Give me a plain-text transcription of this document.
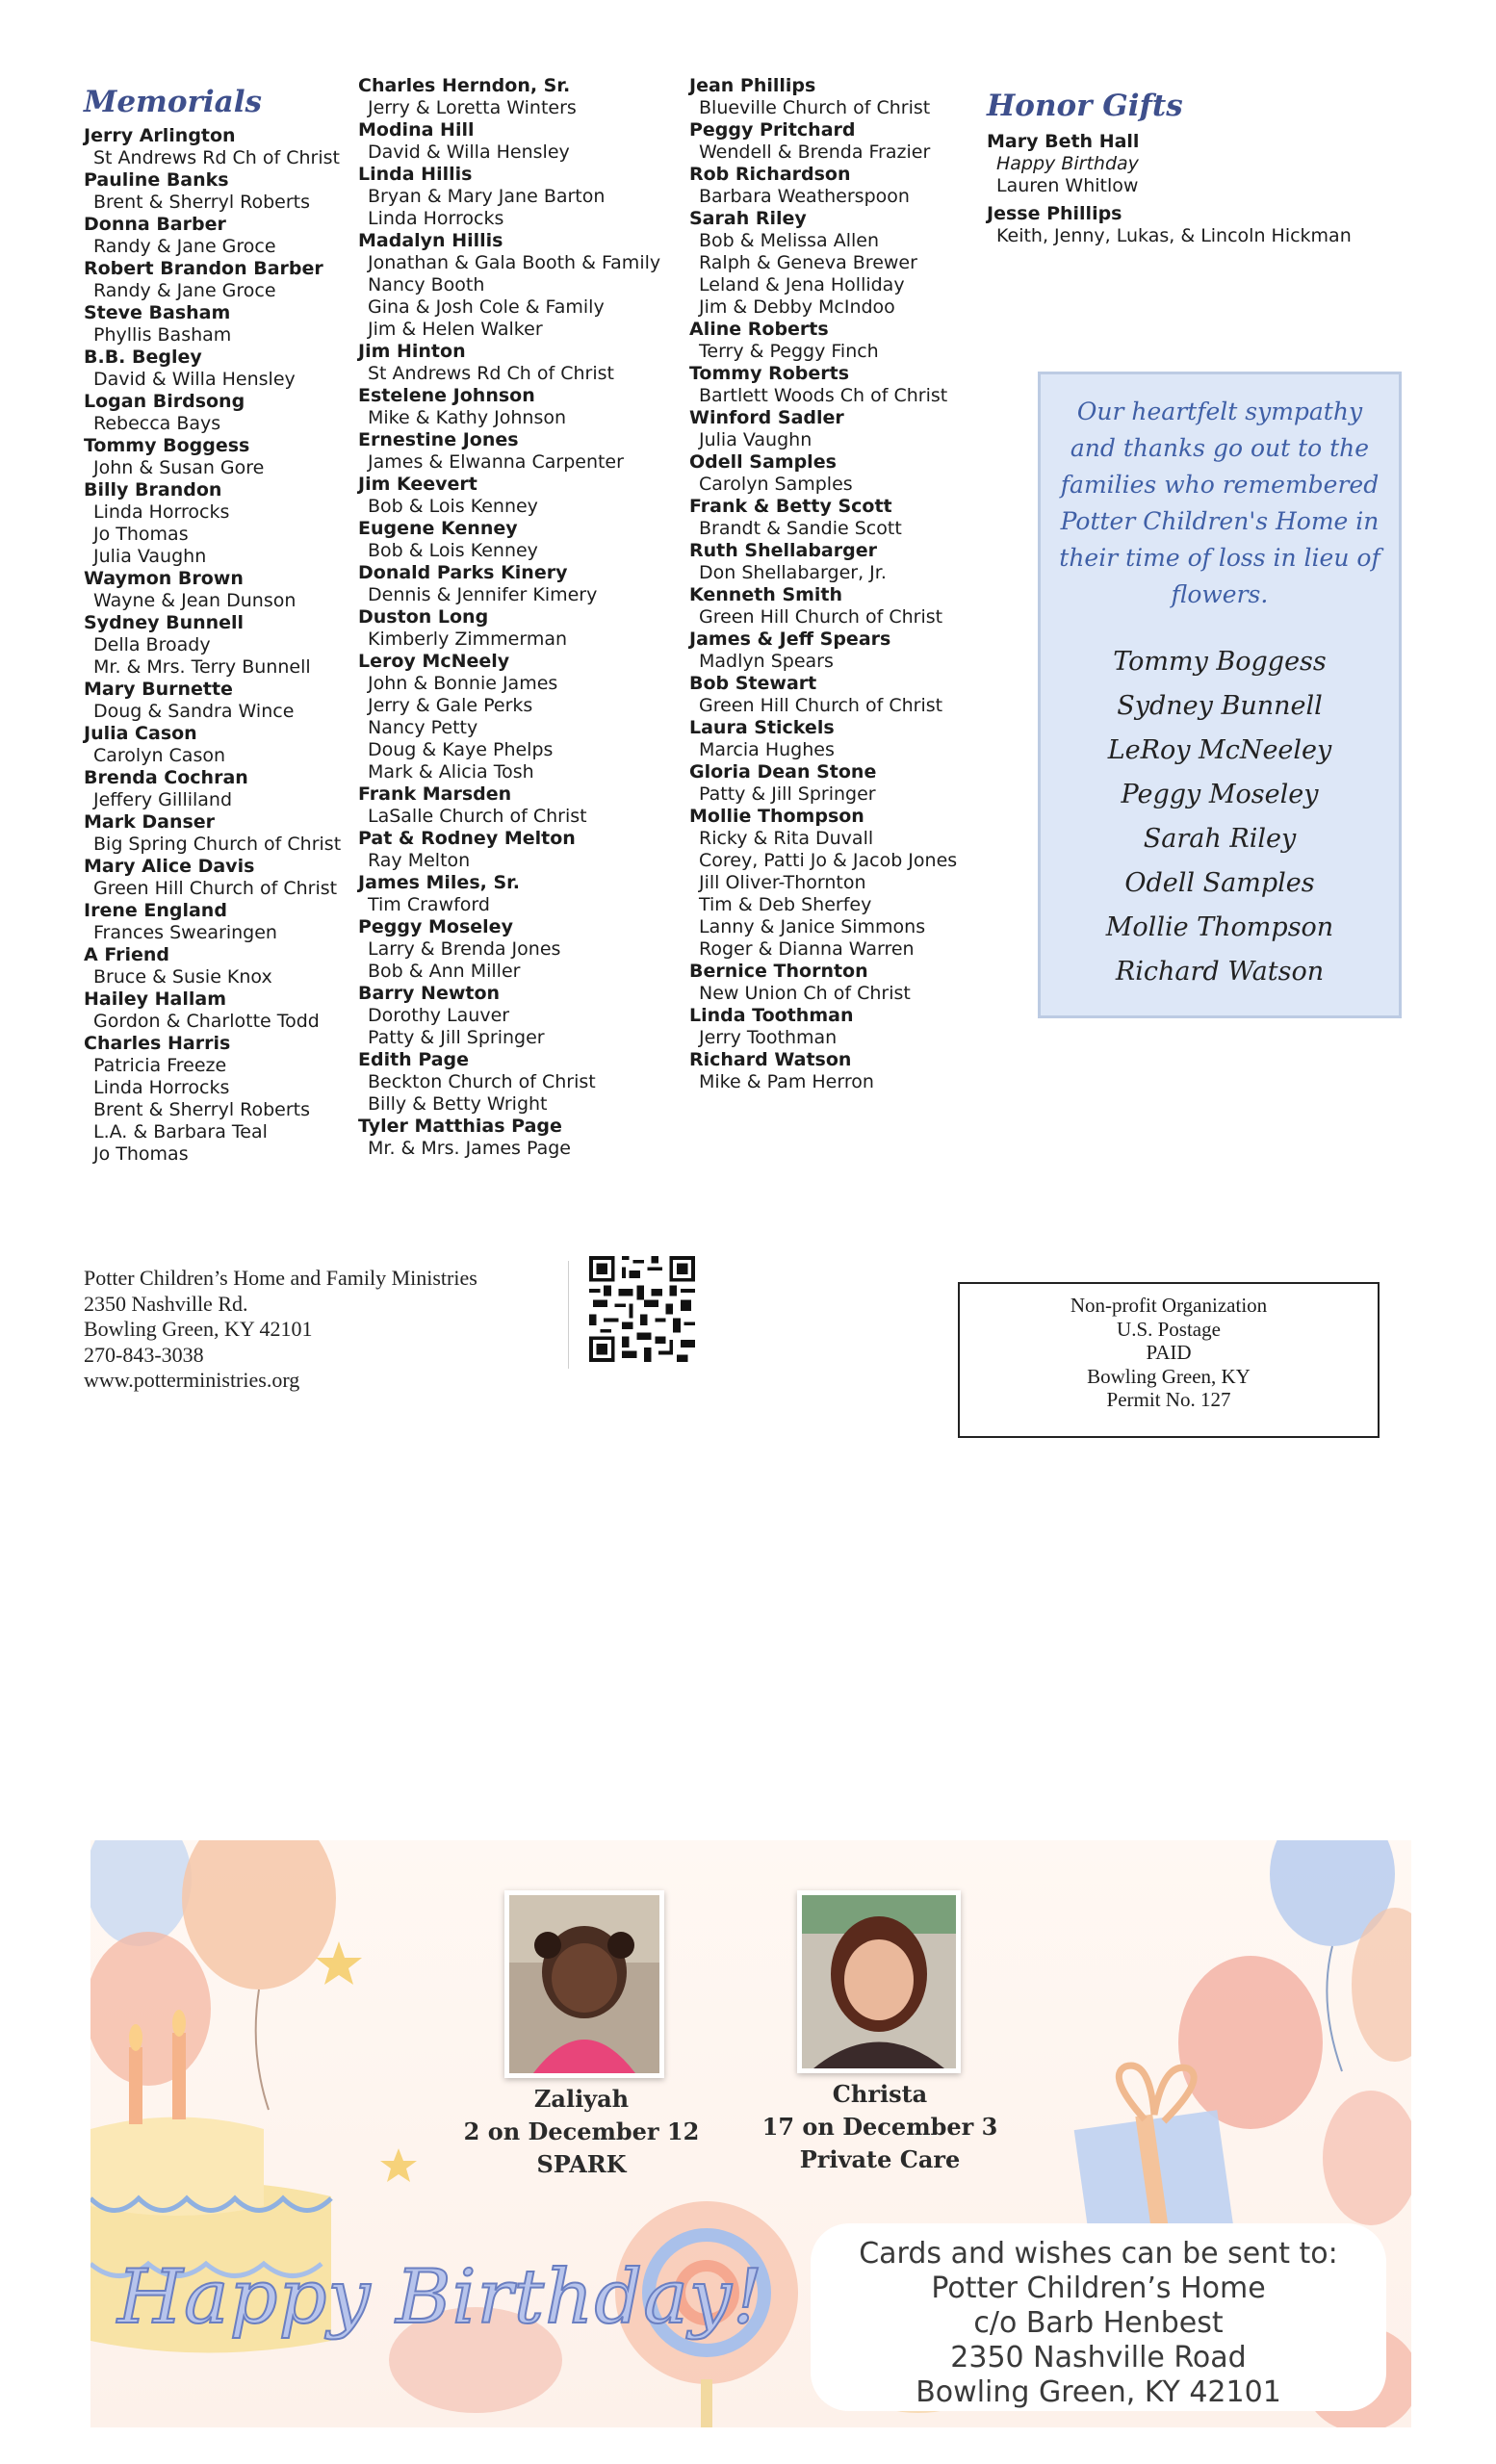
Memorials
Jerry Arlington
St Andrews Rd Ch of Christ
Pauline Banks
Brent & Sherryl Roberts
Donna Barber
Randy & Jane Groce
Robert Brandon Barber
Randy & Jane Groce
Steve Basham
Phyllis Basham
B.B. Begley
David & Willa Hensley
Logan Birdsong
Rebecca Bays
Tommy Boggess
John & Susan Gore
Billy Brandon
Linda Horrocks
Jo Thomas
Julia Vaughn
Waymon Brown
Wayne & Jean Dunson
Sydney Bunnell
Della Broady
Mr. & Mrs. Terry Bunnell
Mary Burnette
Doug & Sandra Wince
Julia Cason
Carolyn Cason
Brenda Cochran
Jeffery Gilliland
Mark Danser
Big Spring Church of Christ
Mary Alice Davis
Green Hill Church of Christ
Irene England
Frances Swearingen
A Friend
Bruce & Susie Knox
Hailey Hallam
Gordon & Charlotte Todd
Charles Harris
Patricia Freeze
Linda Horrocks
Brent & Sherryl Roberts
L.A. & Barbara Teal
Jo Thomas
Charles Herndon, Sr.
Jerry & Loretta Winters
Modina Hill
David & Willa Hensley
Linda Hillis
Bryan & Mary Jane Barton
Linda Horrocks
Madalyn Hillis
Jonathan & Gala Booth & Family
Nancy Booth
Gina & Josh Cole & Family
Jim & Helen Walker
Jim Hinton
St Andrews Rd Ch of Christ
Estelene Johnson
Mike & Kathy Johnson
Ernestine Jones
James & Elwanna Carpenter
Jim Keevert
Bob & Lois Kenney
Eugene Kenney
Bob & Lois Kenney
Donald Parks Kinery
Dennis & Jennifer Kimery
Duston Long
Kimberly Zimmerman
Leroy McNeely
John & Bonnie James
Jerry & Gale Perks
Nancy Petty
Doug & Kaye Phelps
Mark & Alicia Tosh
Frank Marsden
LaSalle Church of Christ
Pat & Rodney Melton
Ray Melton
James Miles, Sr.
Tim Crawford
Peggy Moseley
Larry & Brenda Jones
Bob & Ann Miller
Barry Newton
Dorothy Lauver
Patty & Jill Springer
Edith Page
Beckton Church of Christ
Billy & Betty Wright
Tyler Matthias Page
Mr. & Mrs. James Page
Jean Phillips
Blueville Church of Christ
Peggy Pritchard
Wendell & Brenda Frazier
Rob Richardson
Barbara Weatherspoon
Sarah Riley
Bob & Melissa Allen
Ralph & Geneva Brewer
Leland & Jena Holliday
Jim & Debby McIndoo
Aline Roberts
Terry & Peggy Finch
Tommy Roberts
Bartlett Woods Ch of Christ
Winford Sadler
Julia Vaughn
Odell Samples
Carolyn Samples
Frank & Betty Scott
Brandt & Sandie Scott
Ruth Shellabarger
Don Shellabarger, Jr.
Kenneth Smith
Green Hill Church of Christ
James & Jeff Spears
Madlyn Spears
Bob Stewart
Green Hill Church of Christ
Laura Stickels
Marcia Hughes
Gloria Dean Stone
Patty & Jill Springer
Mollie Thompson
Ricky & Rita Duvall
Corey, Patti Jo & Jacob Jones
Jill Oliver-Thornton
Tim & Deb Sherfey
Lanny & Janice Simmons
Roger & Dianna Warren
Bernice Thornton
New Union Ch of Christ
Linda Toothman
Jerry Toothman
Richard Watson
Mike & Pam Herron
Honor Gifts
Mary Beth Hall
Happy Birthday
Lauren Whitlow
Jesse Phillips
Keith, Jenny, Lukas, & Lincoln Hickman
Our heartfelt sympathy and thanks go out to the families who remembered Potter Children's Home in their time of loss in lieu of flowers.
Tommy Boggess
Sydney Bunnell
LeRoy McNeeley
Peggy Moseley
Sarah Riley
Odell Samples
Mollie Thompson
Richard Watson
Potter Children’s Home and Family Ministries
2350 Nashville Rd.
Bowling Green, KY 42101
270-843-3038
www.potterministries.org
Non-profit Organization
U.S. Postage
PAID
Bowling Green, KY
Permit No. 127
Zaliyah
2 on December 12
SPARK
Christa
17 on December 3
Private Care
Happy Birthday!
Cards and wishes can be sent to:
Potter Children’s Home
c/o Barb Henbest
2350 Nashville Road
Bowling Green, KY 42101
